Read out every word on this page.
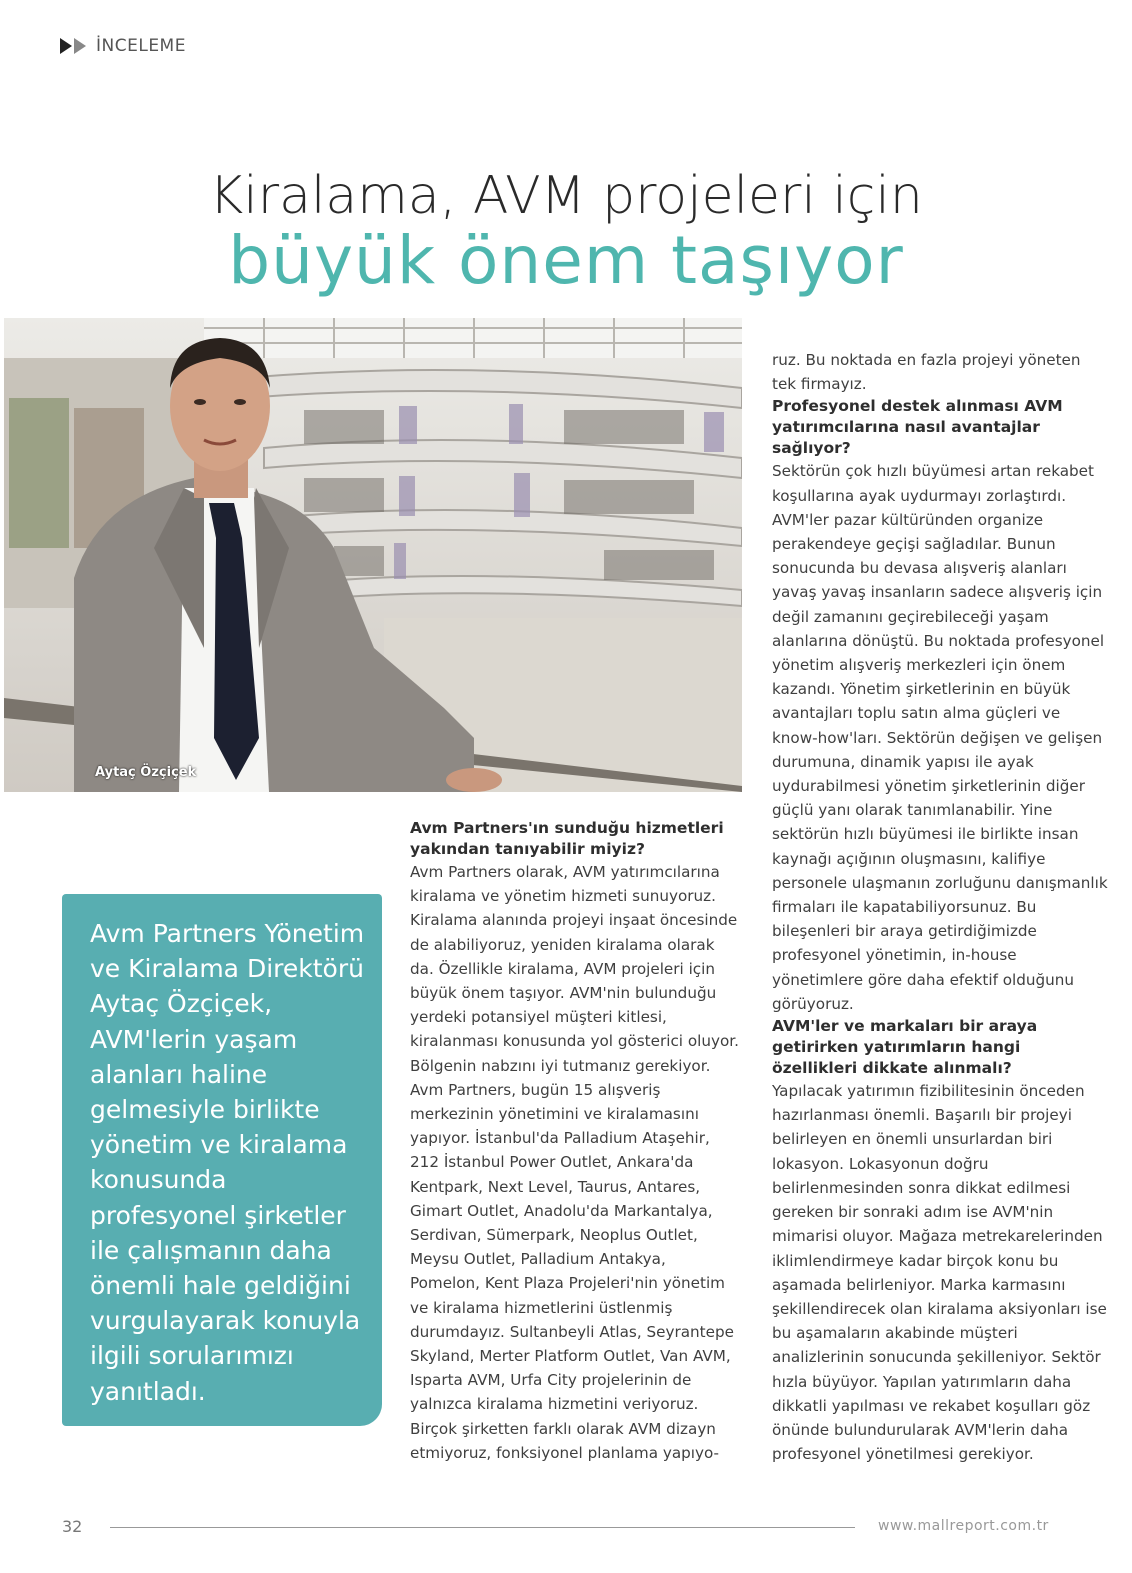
İNCELEME
Kiralama, AVM projeleri için
büyük önem taşıyor
Aytaç Özçiçek
Avm Partners Yönetim ve Kiralama Direktörü Aytaç Özçiçek, AVM'lerin yaşam alanları haline gelmesiyle birlikte yönetim ve kiralama konusunda profesyonel şirketler ile çalışmanın daha önemli hale geldiğini vurgulayarak konuyla ilgili sorularımızı yanıtladı.

Avm Partners'ın sunduğu hizmetleri yakından tanıyabilir miyiz?

Avm Partners olarak, AVM yatırımcılarına kiralama ve yönetim hizmeti sunuyoruz. Kiralama alanında projeyi inşaat öncesinde de alabiliyoruz, yeniden kiralama olarak da. Özellikle kiralama, AVM projeleri için büyük önem taşıyor. AVM'nin bulunduğu yerdeki potansiyel müşteri kitlesi, kiralanması konusunda yol gösterici oluyor. Bölgenin nabzını iyi tutmanız gerekiyor. Avm Partners, bugün 15 alışveriş merkezinin yönetimini ve kiralamasını yapıyor. İstanbul'da Palladium Ataşehir, 212 İstanbul Power Outlet, Ankara'da Kentpark, Next Level, Taurus, Antares, Gimart Outlet, Anadolu'da Markantalya, Serdivan, Sümerpark, Neoplus Outlet, Meysu Outlet, Palladium Antakya, Pomelon, Kent Plaza Projeleri'nin yönetim ve kiralama hizmetlerini üstlenmiş durumdayız. Sultanbeyli Atlas, Seyrantepe Skyland, Merter Platform Outlet, Van AVM, Isparta AVM, Urfa City projelerinin de yalnızca kiralama hizmetini veriyoruz. Birçok şirketten farklı olarak AVM dizayn etmiyoruz, fonksiyonel planlama yapıyo-

ruz. Bu noktada en fazla projeyi yöneten tek firmayız.

Profesyonel destek alınması AVM yatırımcılarına nasıl avantajlar sağlıyor?

Sektörün çok hızlı büyümesi artan rekabet koşullarına ayak uydurmayı zorlaştırdı. AVM'ler pazar kültüründen organize perakendeye geçişi sağladılar. Bunun sonucunda bu devasa alışveriş alanları yavaş yavaş insanların sadece alışveriş için değil zamanını geçirebileceği yaşam alanlarına dönüştü. Bu noktada profesyonel yönetim alışveriş merkezleri için önem kazandı. Yönetim şirketlerinin en büyük avantajları toplu satın alma güçleri ve know-how'ları. Sektörün değişen ve gelişen durumuna, dinamik yapısı ile ayak uydurabilmesi yönetim şirketlerinin diğer güçlü yanı olarak tanımlanabilir. Yine sektörün hızlı büyümesi ile birlikte insan kaynağı açığının oluşmasını, kalifiye personele ulaşmanın zorluğunu danışmanlık firmaları ile kapatabiliyorsunuz. Bu bileşenleri bir araya getirdiğimizde profesyonel yönetimin, in-house yönetimlere göre daha efektif olduğunu görüyoruz.

AVM'ler ve markaları bir araya getirirken yatırımların hangi özellikleri dikkate alınmalı?

Yapılacak yatırımın fizibilitesinin önceden hazırlanması önemli. Başarılı bir projeyi belirleyen en önemli unsurlardan biri lokasyon. Lokasyonun doğru belirlenmesinden sonra dikkat edilmesi gereken bir sonraki adım ise AVM'nin mimarisi oluyor. Mağaza metrekarelerinden iklimlendirmeye kadar birçok konu bu aşamada belirleniyor. Marka karmasını şekillendirecek olan kiralama aksiyonları ise bu aşamaların akabinde müşteri analizlerinin sonucunda şekilleniyor. Sektör hızla büyüyor. Yapılan yatırımların daha dikkatli yapılması ve rekabet koşulları göz önünde bulundurularak AVM'lerin daha profesyonel yönetilmesi gerekiyor.

32	www.mallreport.com.tr
